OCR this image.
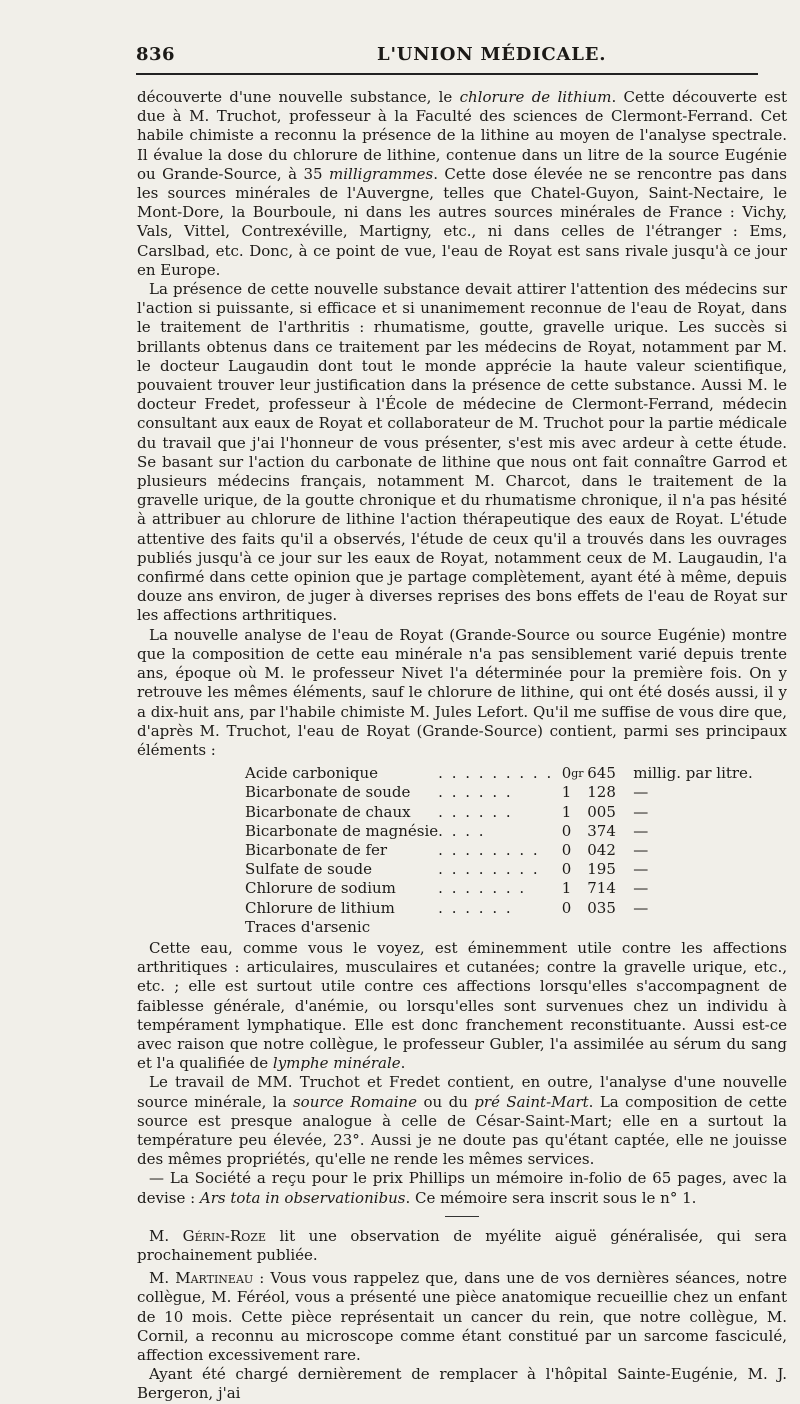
836	L'UNION MÉDICALE.

découverte d'une nouvelle substance, le chlorure de lithium. Cette découverte est due à M. Truchot, professeur à la Faculté des sciences de Clermont-Ferrand. Cet habile chimiste a reconnu la présence de la lithine au moyen de l'analyse spectrale. Il évalue la dose du chlorure de lithine, contenue dans un litre de la source Eugénie ou Grande-Source, à 35 milligrammes. Cette dose élevée ne se rencontre pas dans les sources minérales de l'Auvergne, telles que Chatel-Guyon, Saint-Nectaire, le Mont-Dore, la Bourboule, ni dans les autres sources minérales de France : Vichy, Vals, Vittel, Contrexéville, Martigny, etc., ni dans celles de l'étranger : Ems, Carslbad, etc. Donc, à ce point de vue, l'eau de Royat est sans rivale jusqu'à ce jour en Europe.

La présence de cette nouvelle substance devait attirer l'attention des médecins sur l'action si puissante, si efficace et si unanimement reconnue de l'eau de Royat, dans le traitement de l'arthritis : rhumatisme, goutte, gravelle urique. Les succès si brillants obtenus dans ce traitement par les médecins de Royat, notamment par M. le docteur Laugaudin dont tout le monde apprécie la haute valeur scientifique, pouvaient trouver leur justification dans la présence de cette substance. Aussi M. le docteur Fredet, professeur à l'École de médecine de Clermont-Ferrand, médecin consultant aux eaux de Royat et collaborateur de M. Truchot pour la partie médicale du travail que j'ai l'honneur de vous présenter, s'est mis avec ardeur à cette étude. Se basant sur l'action du carbonate de lithine que nous ont fait connaître Garrod et plusieurs médecins français, notamment M. Charcot, dans le traitement de la gravelle urique, de la goutte chronique et du rhumatisme chronique, il n'a pas hésité à attribuer au chlorure de lithine l'action thérapeutique des eaux de Royat. L'étude attentive des faits qu'il a observés, l'étude de ceux qu'il a trouvés dans les ouvrages publiés jusqu'à ce jour sur les eaux de Royat, notamment ceux de M. Laugaudin, l'a confirmé dans cette opinion que je partage complètement, ayant été à même, depuis douze ans environ, de juger à diverses reprises des bons effets de l'eau de Royat sur les affections arthritiques.

La nouvelle analyse de l'eau de Royat (Grande-Source ou source Eugénie) montre que la composition de cette eau minérale n'a pas sensiblement varié depuis trente ans, époque où M. le professeur Nivet l'a déterminée pour la première fois. On y retrouve les mêmes éléments, sauf le chlorure de lithine, qui ont été dosés aussi, il y a dix-huit ans, par l'habile chimiste M. Jules Lefort. Qu'il me suffise de vous dire que, d'après M. Truchot, l'eau de Royat (Grande-Source) contient, parmi ses principaux éléments :

Acide carbonique	. . . . . . . . .	0	gr	645	millig. par litre.
Bicarbonate de soude	. . . . . .	1		128	—
Bicarbonate de chaux	. . . . . .	1		005	—
Bicarbonate de magnésie	. . . .	0		374	—
Bicarbonate de fer	. . . . . . . .	0		042	—
Sulfate de soude	. . . . . . . .	0		195	—
Chlorure de sodium	. . . . . . .	1		714	—
Chlorure de lithium	. . . . . .	0		035	—
Traces d'arsenic					

Cette eau, comme vous le voyez, est éminemment utile contre les affections arthritiques : articulaires, musculaires et cutanées; contre la gravelle urique, etc., etc. ; elle est surtout utile contre ces affections lorsqu'elles s'accompagnent de faiblesse générale, d'anémie, ou lorsqu'elles sont survenues chez un individu à tempérament lymphatique. Elle est donc franchement reconstituante. Aussi est-ce avec raison que notre collègue, le professeur Gubler, l'a assimilée au sérum du sang et l'a qualifiée de lymphe minérale.

Le travail de MM. Truchot et Fredet contient, en outre, l'analyse d'une nouvelle source minérale, la source Romaine ou du pré Saint-Mart. La composition de cette source est presque analogue à celle de César-Saint-Mart; elle en a surtout la température peu élevée, 23°. Aussi je ne doute pas qu'étant captée, elle ne jouisse des mêmes propriétés, qu'elle ne rende les mêmes services.

— La Société a reçu pour le prix Phillips un mémoire in-folio de 65 pages, avec la devise : Ars tota in observationibus. Ce mémoire sera inscrit sous le n° 1.

M. Gérin-Roze lit une observation de myélite aiguë généralisée, qui sera prochainement publiée.

M. Martineau : Vous vous rappelez que, dans une de vos dernières séances, notre collègue, M. Féréol, vous a présenté une pièce anatomique recueillie chez un enfant de 10 mois. Cette pièce représentait un cancer du rein, que notre collègue, M. Cornil, a reconnu au microscope comme étant constitué par un sarcome fasciculé, affection excessivement rare.

Ayant été chargé dernièrement de remplacer à l'hôpital Sainte-Eugénie, M. J. Bergeron, j'ai
